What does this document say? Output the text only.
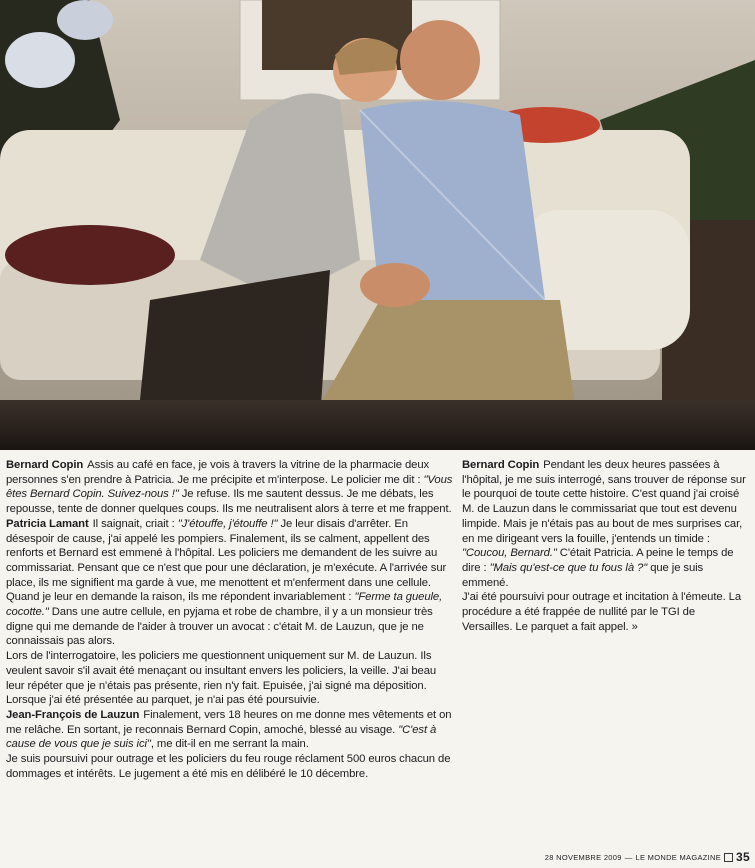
Bernard Copin Assis au café en face, je vois à travers la vitrine de la pharmacie deux personnes s'en prendre à Patricia. Je me précipite et m'interpose. Le policier me dit : "Vous êtes Bernard Copin. Suivez-nous !" Je refuse. Ils me sautent dessus. Je me débats, les repousse, tente de donner quelques coups. Ils me neutralisent alors à terre et me frappent.

Patricia Lamant Il saignait, criait : "J'étouffe, j'étouffe !" Je leur disais d'arrêter. En désespoir de cause, j'ai appelé les pompiers. Finalement, ils se calment, appellent des renforts et Bernard est emmené à l'hôpital. Les policiers me demandent de les suivre au commissariat. Pensant que ce n'est que pour une déclaration, je m'exécute. A l'arrivée sur place, ils me signifient ma garde à vue, me menottent et m'enferment dans une cellule. Quand je leur en demande la raison, ils me répondent invariablement : "Ferme ta gueule, cocotte." Dans une autre cellule, en pyjama et robe de chambre, il y a un monsieur très digne qui me demande de l'aider à trouver un avocat : c'était M. de Lauzun, que je ne connaissais pas alors.

Lors de l'interrogatoire, les policiers me questionnent uniquement sur M. de Lauzun. Ils veulent savoir s'il avait été menaçant ou insultant envers les policiers, la veille. J'ai beau leur répéter que je n'étais pas présente, rien n'y fait. Epuisée, j'ai signé ma déposition. Lorsque j'ai été présentée au parquet, je n'ai pas été poursuivie.

Jean-François de Lauzun Finalement, vers 18 heures on me donne mes vêtements et on me relâche. En sortant, je reconnais Bernard Copin, amoché, blessé au visage. "C'est à cause de vous que je suis ici", me dit-il en me serrant la main.

Je suis poursuivi pour outrage et les policiers du feu rouge réclament 500 euros chacun de dommages et intérêts. Le jugement a été mis en délibéré le 10 décembre.

Bernard Copin Pendant les deux heures passées à l'hôpital, je me suis interrogé, sans trouver de réponse sur le pourquoi de toute cette histoire. C'est quand j'ai croisé M. de Lauzun dans le commissariat que tout est devenu limpide. Mais je n'étais pas au bout de mes surprises car, en me dirigeant vers la fouille, j'entends un timide : "Coucou, Bernard." C'était Patricia. A peine le temps de dire : "Mais qu'est-ce que tu fous là ?" que je suis emmené.

J'ai été poursuivi pour outrage et incitation à l'émeute. La procédure a été frappée de nullité par le TGI de Versailles. Le parquet a fait appel. »

28 NOVEMBRE 2009 — LE MONDE MAGAZINE 35
